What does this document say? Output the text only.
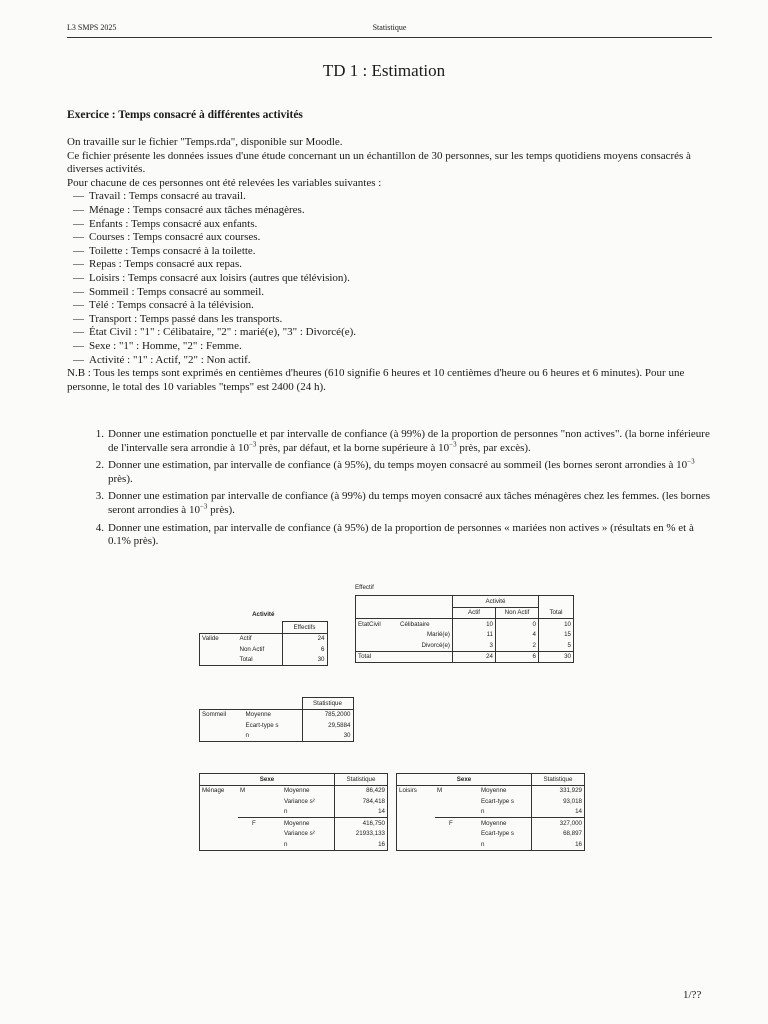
L3 SMPS 2025	Statistique
TD 1 : Estimation
Exercice : Temps consacré à différentes activités

On travaille sur le fichier "Temps.rda", disponible sur Moodle.

Ce fichier présente les données issues d'une étude concernant un un échantillon de 30 personnes, sur les temps quotidiens moyens consacrés à diverses activités.

Pour chacune de ces personnes ont été relevées les variables suivantes :

— Travail : Temps consacré au travail.
— Ménage : Temps consacré aux tâches ménagères.
— Enfants : Temps consacré aux enfants.
— Courses : Temps consacré aux courses.
— Toilette : Temps consacré à la toilette.
— Repas : Temps consacré aux repas.
— Loisirs : Temps consacré aux loisirs (autres que télévision).
— Sommeil : Temps consacré au sommeil.
— Télé : Temps consacré à la télévision.
— Transport : Temps passé dans les transports.
— État Civil : "1" : Célibataire, "2" : marié(e), "3" : Divorcé(e).
— Sexe : "1" : Homme, "2" : Femme.
— Activité : "1" : Actif, "2" : Non actif.

N.B : Tous les temps sont exprimés en centièmes d'heures (610 signifie 6 heures et 10 centièmes d'heure ou 6 heures et 6 minutes). Pour une personne, le total des 10 variables "temps" est 2400 (24 h).

1. Donner une estimation ponctuelle et par intervalle de confiance (à 99%) de la proportion de personnes "non actives". (la borne inférieure de l'intervalle sera arrondie à $10^{-3}$ près, par défaut, et la borne supérieure à $10^{-3}$ près, par excès).
2. Donner une estimation, par intervalle de confiance (à 95%), du temps moyen consacré au sommeil (les bornes seront arrondies à $10^{-3}$ près).
3. Donner une estimation par intervalle de confiance (à 99%) du temps moyen consacré aux tâches ménagères chez les femmes. (les bornes seront arrondies à $10^{-3}$ près).
4. Donner une estimation, par intervalle de confiance (à 95%) de la proportion de personnes « mariées non actives » (résultats en % et à 0.1% près).
Activité		
		Effectifs
Valide	Actif	24
	Non Actif	6
	Total	30
Effectif
		Activité		
		Actif	Non Actif	Total
EtatCivil	Célibataire	10	0	10
	Marié(e)	11	4	15
	Divorcé(e)	3	2	5
Total		24	6	30
		Statistique
Sommeil	Moyenne	785,2000
	Ecart-type s	29,5884
	n	30
Sexe			Statistique
Ménage	M	Moyenne	86,429
		Variance s²	784,418
		n	14
	F	Moyenne	416,750
		Variance s²	21933,133
		n	16
Sexe			Statistique
Loisirs	M	Moyenne	331,929
		Ecart-type s	93,018
		n	14
	F	Moyenne	327,000
		Ecart-type s	68,897
		n	16
1/??
